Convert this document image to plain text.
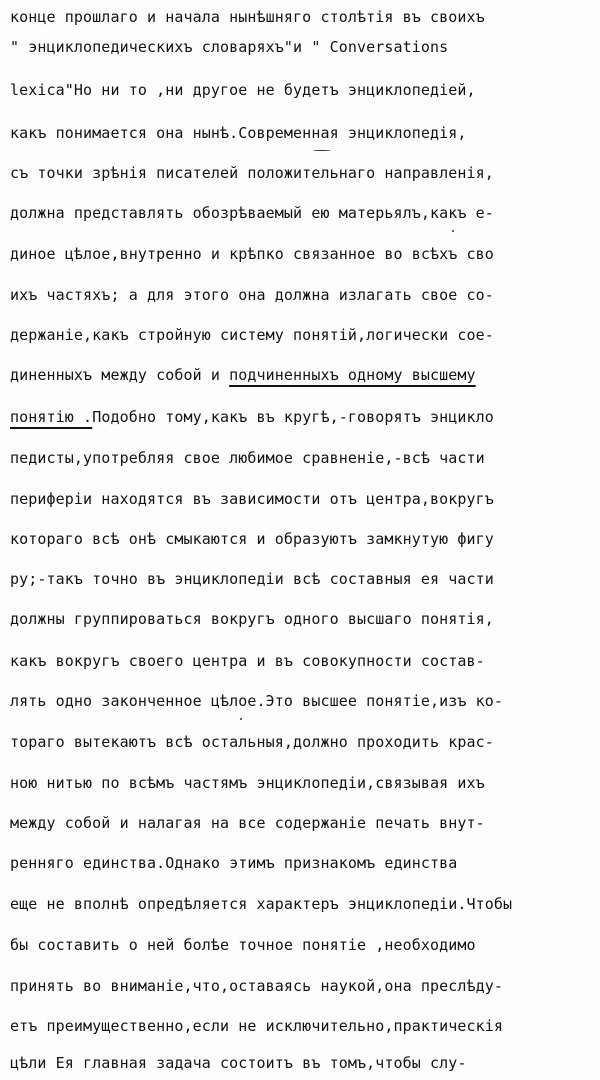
конце прошлаго и начала нынѣшняго столѣтія въ своихъ
" энциклопедическихъ словаряхъ"и " Conversations
lexica"Но ни то ,ни другое не будетъ энциклопедiей,
какъ понимается она нынѣ.Современная энциклопедія,
съ точки зрѣнія писателей положительнаго направленія,
должна представлять обозрѣваемый ею матерьялъ,какъ е-
диное цѣлое,внутренно и крѣпко связанное во всѣхъ сво
ихъ частяхъ; а для этого она должна излагать свое со-
держанiе,какъ стройную систему понятій,логически сое-
диненныхъ между собой и подчиненныхъ одному высшему
понятію .Подобно тому,какъ въ кругѣ,-говорятъ энцикло
педисты,употребляя свое любимое сравненіе,-всѣ части
периферіи находятся въ зависимости отъ центра,вокругъ
котораго всѣ онѣ смыкаются и образуютъ замкнутую фигу
ру;-такъ точно въ энциклопедiи всѣ составныя ея части
должны группироваться вокругъ одного высшаго понятія,
какъ вокругъ своего центра и въ совокупности состав-
лять одно законченное цѣлое.Это высшее понятіе,изъ ко-
тораго вытекаютъ всѣ остальныя,должно проходить крас-
ною нитью по всѣмъ частямъ энциклопедіи,связывая ихъ
между собой и налагая на все содержанiе печать внут-
ренняго единства.Однако этимъ признакомъ единства
еще не вполнѣ опредѣляется характеръ энциклопедiи.Чтобы
бы составить о ней болѣе точное понятiе ,необходимо
принять во вниманiе,что,оставаясь наукой,она преслѣду-
етъ преимущественно,если не исключительно,практическія
цѣли Ея главная задача состоитъ въ томъ,чтобы слу-
